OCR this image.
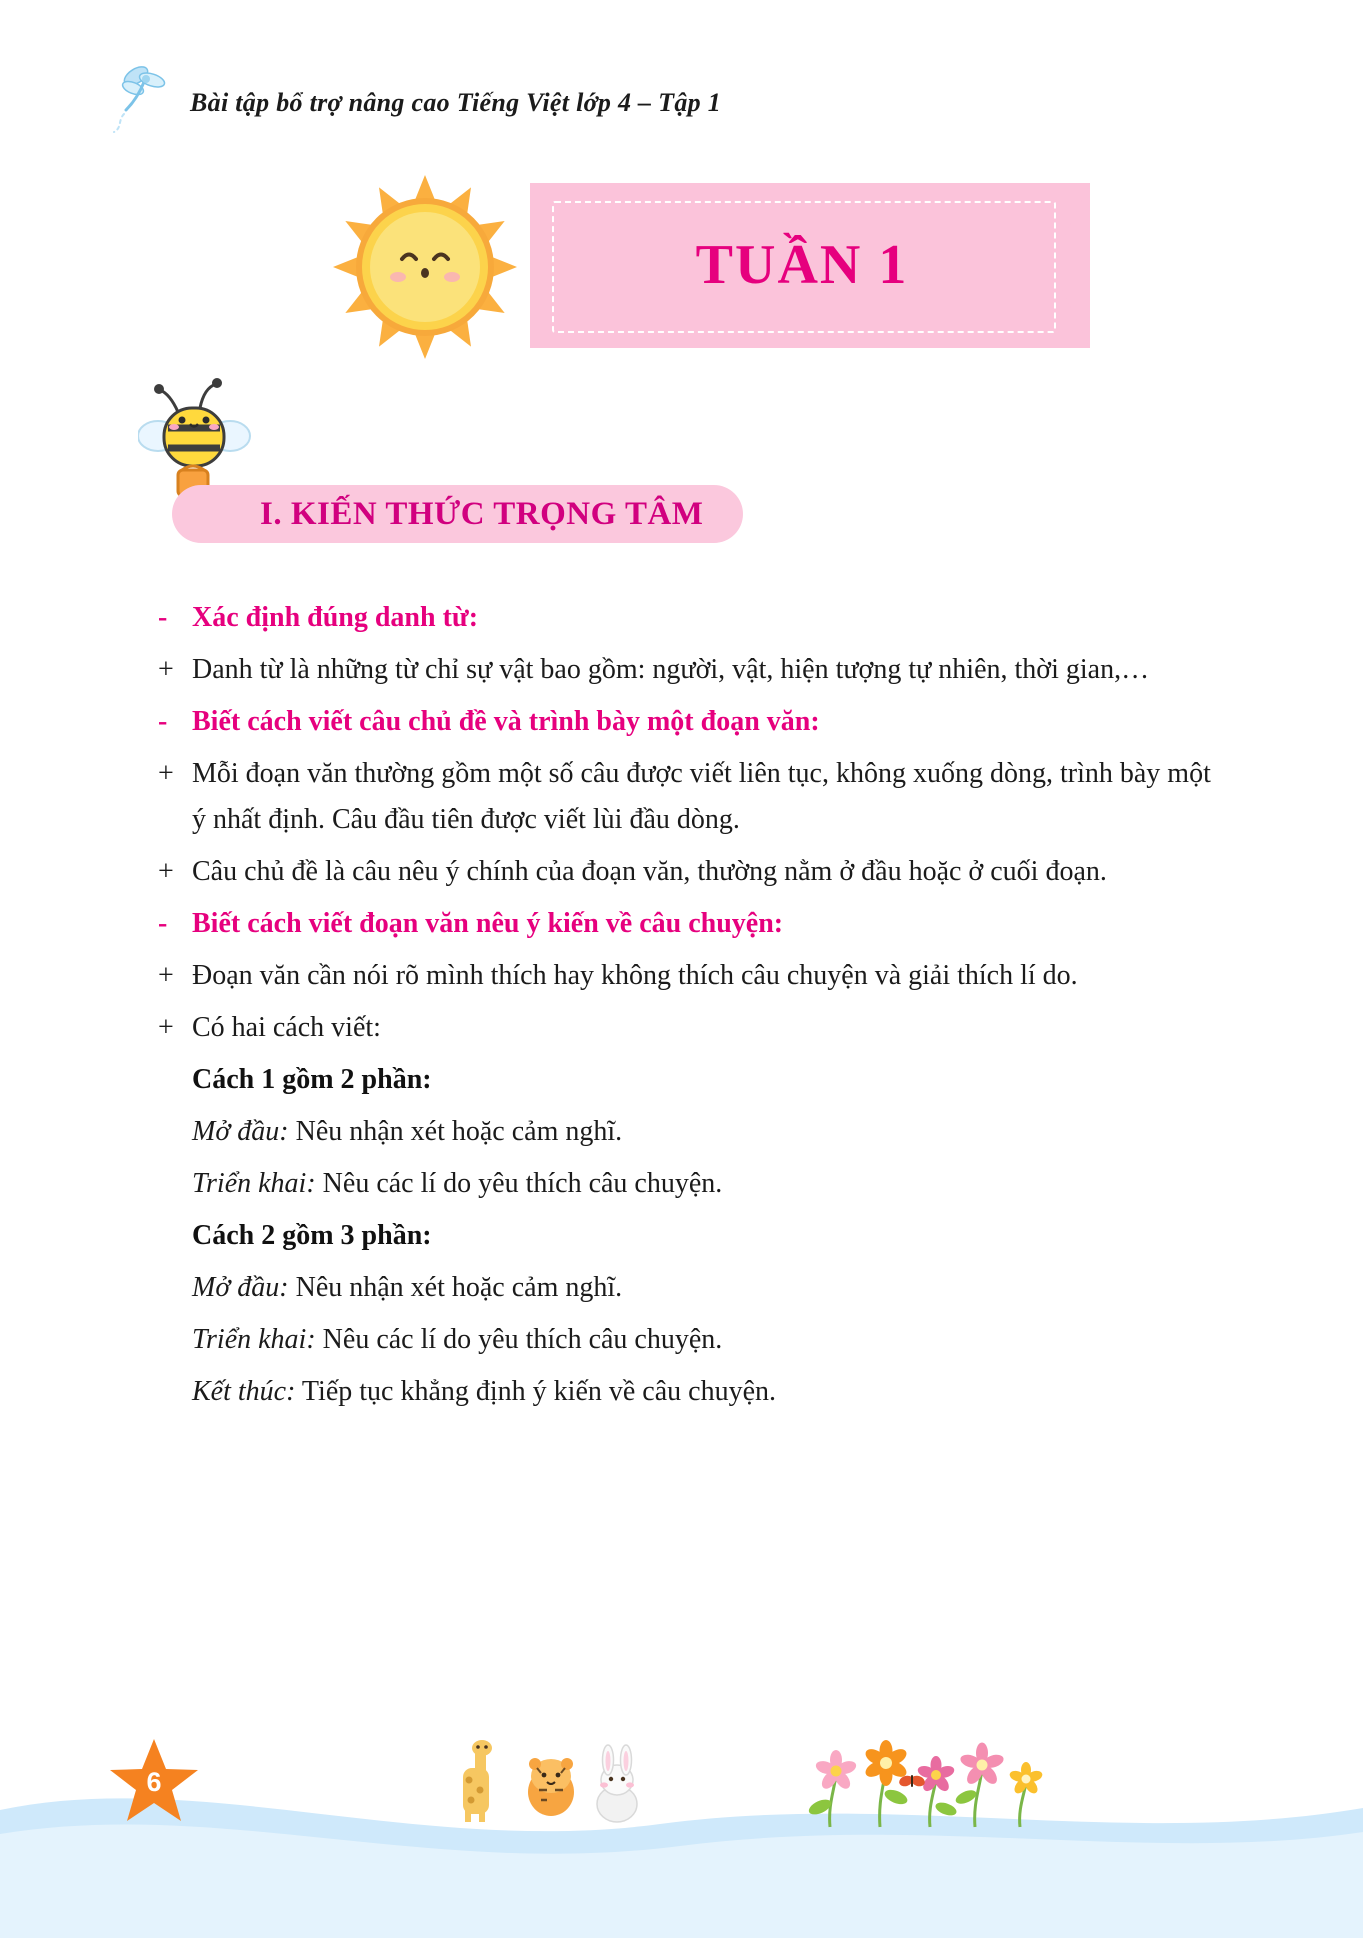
Bài tập bổ trợ nâng cao Tiếng Việt lớp 4 – Tập 1
TUẦN 1
I. KIẾN THỨC TRỌNG TÂM
- Xác định đúng danh từ:
+ Danh từ là những từ chỉ sự vật bao gồm: người, vật, hiện tượng tự nhiên, thời gian,…
- Biết cách viết câu chủ đề và trình bày một đoạn văn:
+ Mỗi đoạn văn thường gồm một số câu được viết liên tục, không xuống dòng, trình bày một ý nhất định. Câu đầu tiên được viết lùi đầu dòng.
+ Câu chủ đề là câu nêu ý chính của đoạn văn, thường nằm ở đầu hoặc ở cuối đoạn.
- Biết cách viết đoạn văn nêu ý kiến về câu chuyện:
+ Đoạn văn cần nói rõ mình thích hay không thích câu chuyện và giải thích lí do.
+ Có hai cách viết:
Cách 1 gồm 2 phần:
Mở đầu: Nêu nhận xét hoặc cảm nghĩ.
Triển khai: Nêu các lí do yêu thích câu chuyện.
Cách 2 gồm 3 phần:
Mở đầu: Nêu nhận xét hoặc cảm nghĩ.
Triển khai: Nêu các lí do yêu thích câu chuyện.
Kết thúc: Tiếp tục khẳng định ý kiến về câu chuyện.
6
